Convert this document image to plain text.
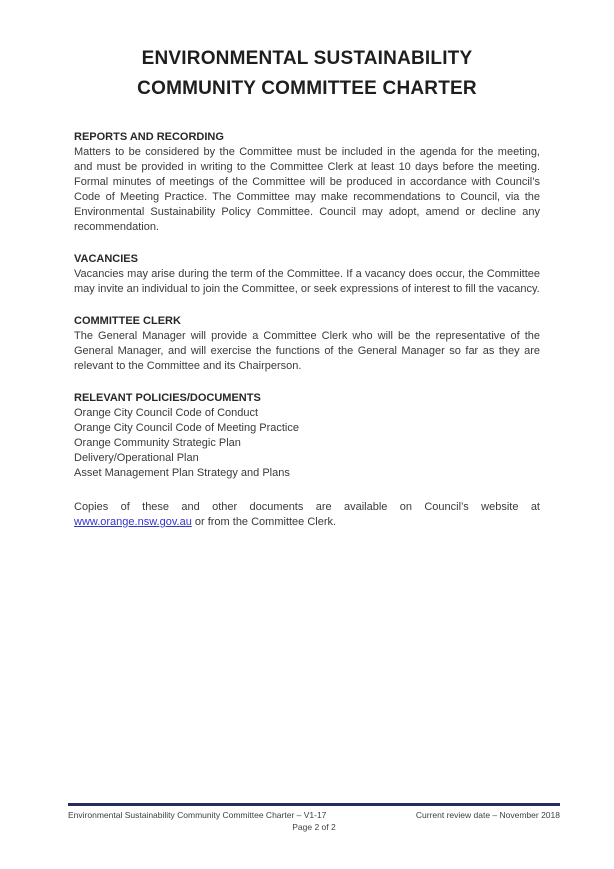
ENVIRONMENTAL SUSTAINABILITY
COMMUNITY COMMITTEE CHARTER
REPORTS AND RECORDING

Matters to be considered by the Committee must be included in the agenda for the meeting, and must be provided in writing to the Committee Clerk at least 10 days before the meeting. Formal minutes of meetings of the Committee will be produced in accordance with Council’s Code of Meeting Practice. The Committee may make recommendations to Council, via the Environmental Sustainability Policy Committee. Council may adopt, amend or decline any recommendation.

VACANCIES

Vacancies may arise during the term of the Committee. If a vacancy does occur, the Committee may invite an individual to join the Committee, or seek expressions of interest to fill the vacancy.

COMMITTEE CLERK

The General Manager will provide a Committee Clerk who will be the representative of the General Manager, and will exercise the functions of the General Manager so far as they are relevant to the Committee and its Chairperson.

RELEVANT POLICIES/DOCUMENTS
Orange City Council Code of Conduct
Orange City Council Code of Meeting Practice
Orange Community Strategic Plan
Delivery/Operational Plan
Asset Management Plan Strategy and Plans

Copies of these and other documents are available on Council’s website at www.orange.nsw.gov.au or from the Committee Clerk.

Environmental Sustainability Community Committee Charter – V1-17	Current review date – November 2018
Page 2 of 2
